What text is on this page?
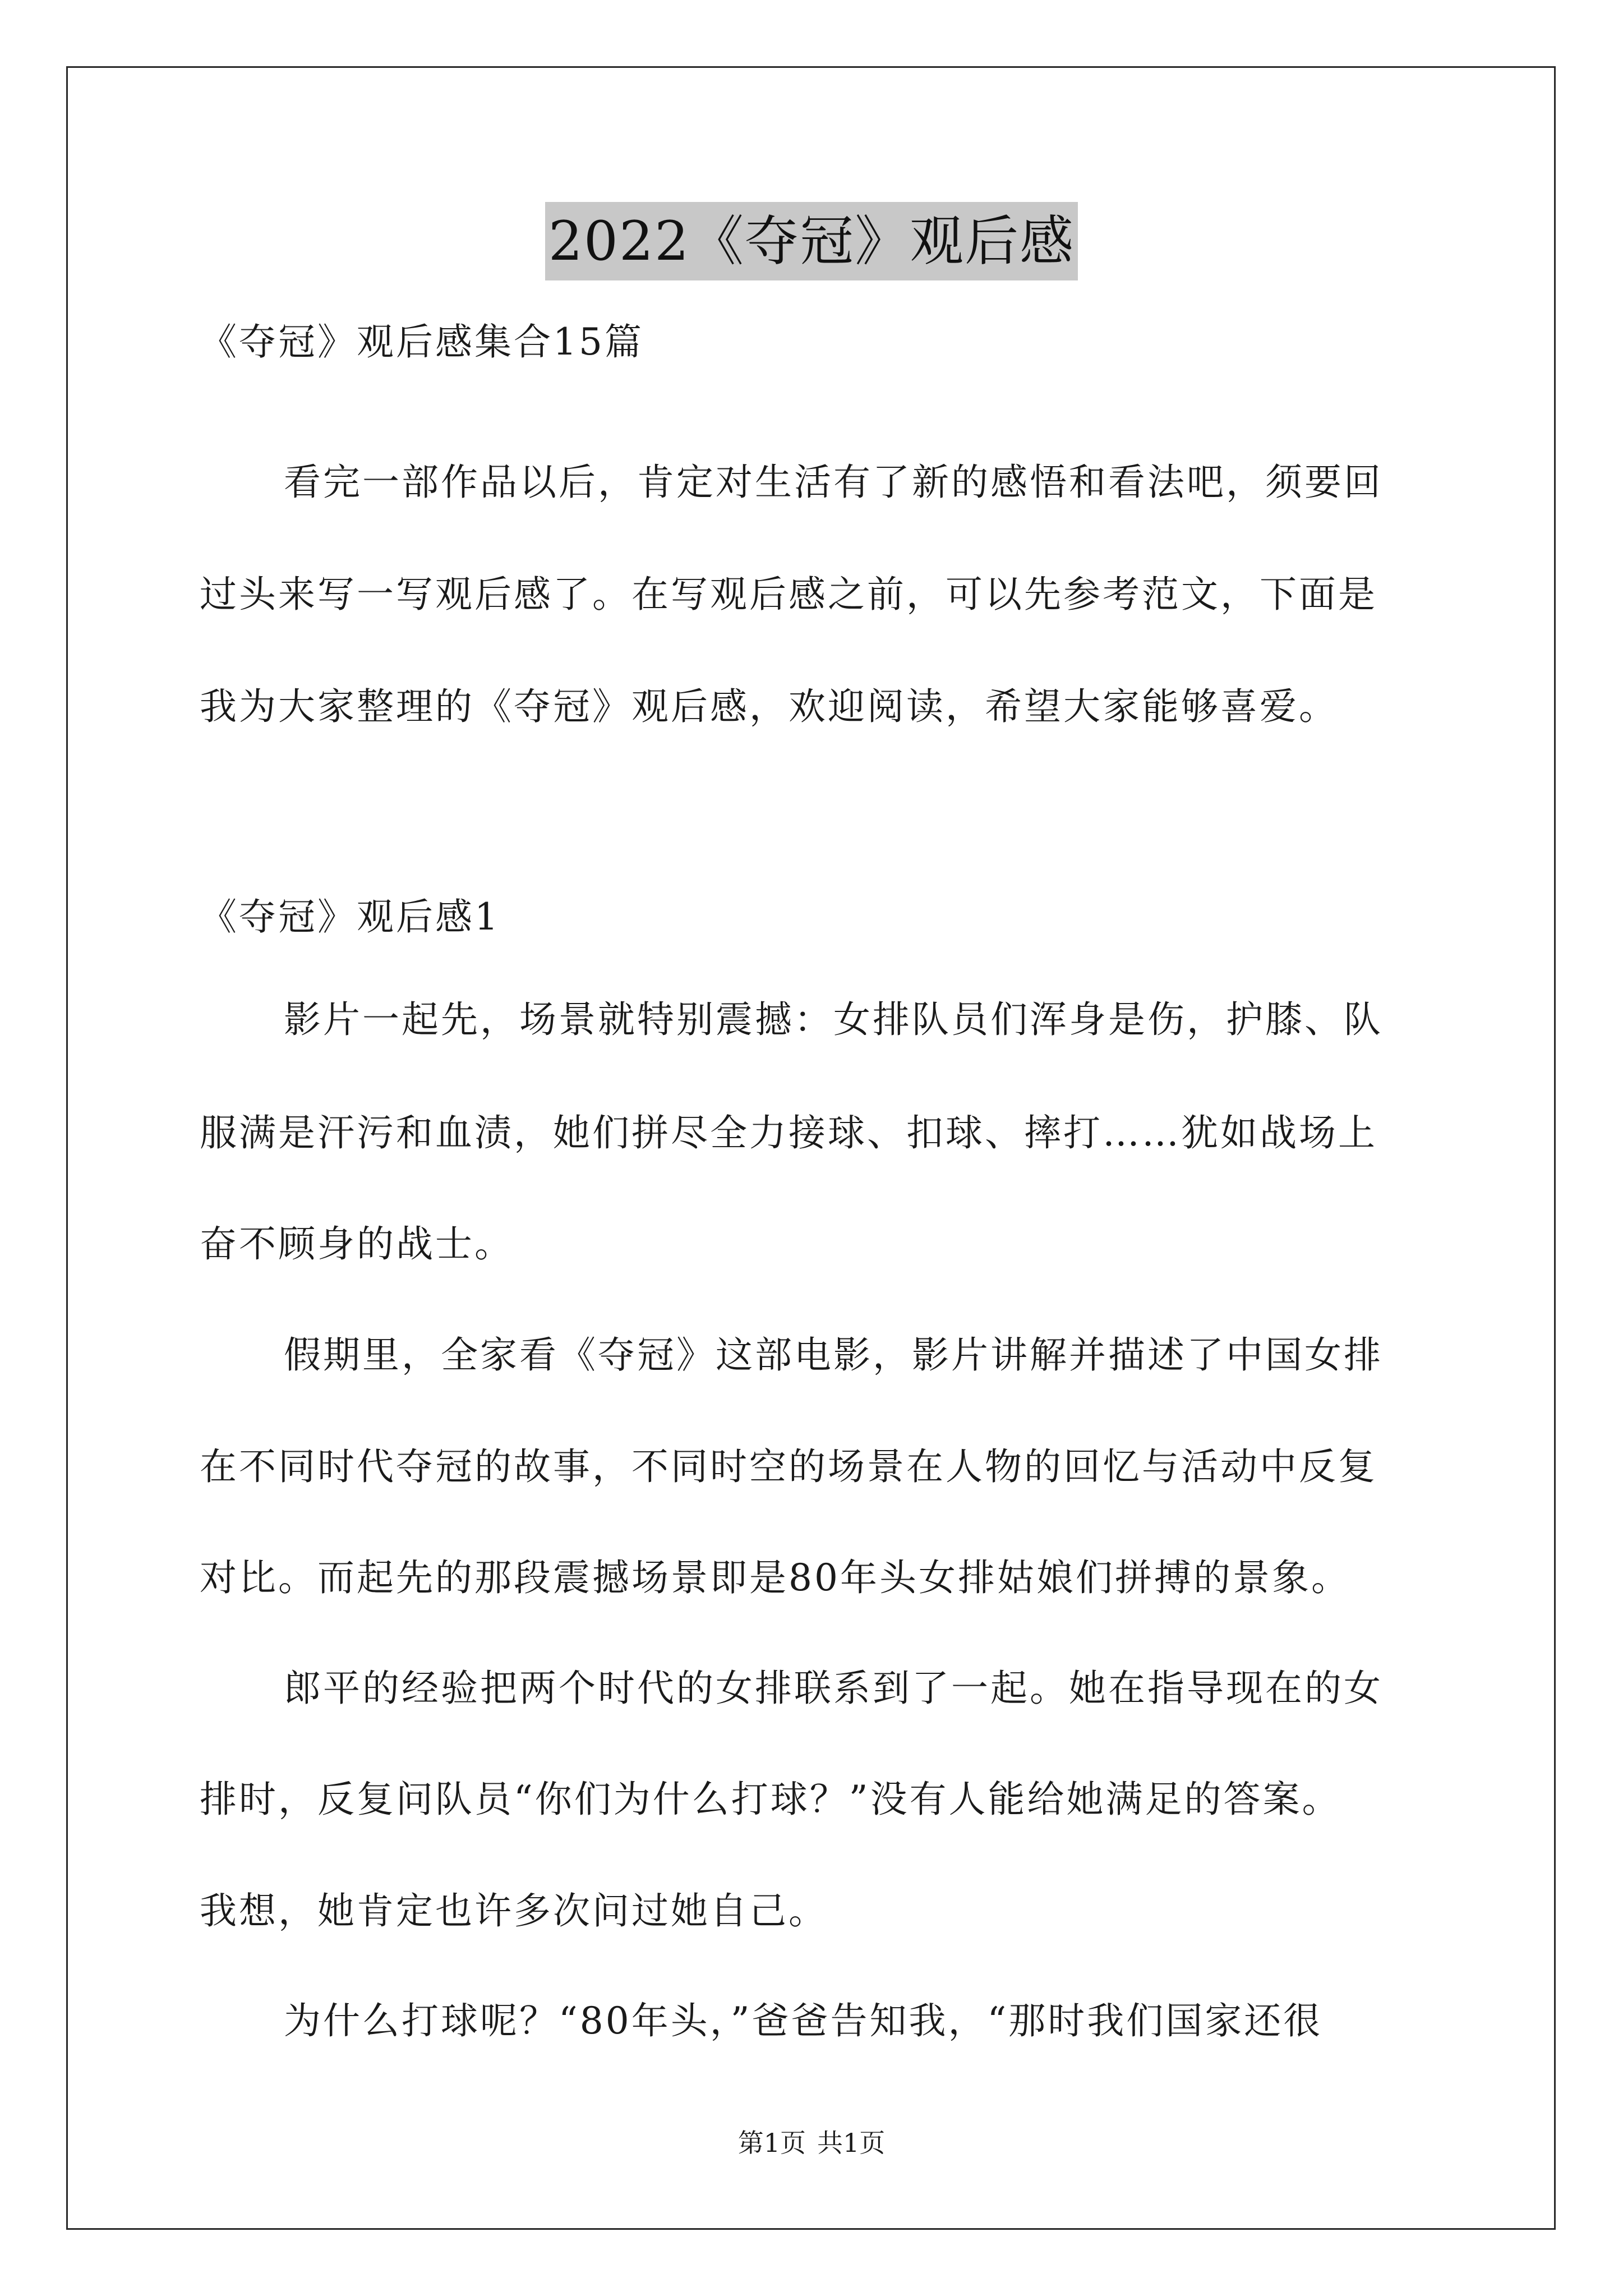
2022《夺冠》观后感
《夺冠》观后感集合15篇
看完一部作品以后，肯定对生活有了新的感悟和看法吧，须要回
过头来写一写观后感了。在写观后感之前，可以先参考范文，下面是
我为大家整理的《夺冠》观后感，欢迎阅读，希望大家能够喜爱。
《夺冠》观后感1
影片一起先，场景就特别震撼：女排队员们浑身是伤，护膝、队
服满是汗污和血渍，她们拼尽全力接球、扣球、摔打……犹如战场上
奋不顾身的战士。
假期里，全家看《夺冠》这部电影，影片讲解并描述了中国女排
在不同时代夺冠的故事，不同时空的场景在人物的回忆与活动中反复
对比。而起先的那段震撼场景即是80年头女排姑娘们拼搏的景象。
郎平的经验把两个时代的女排联系到了一起。她在指导现在的女
排时，反复问队员“你们为什么打球？”没有人能给她满足的答案。
我想，她肯定也许多次问过她自己。
为什么打球呢？“80年头，”爸爸告知我，“那时我们国家还很
第1页 共1页
